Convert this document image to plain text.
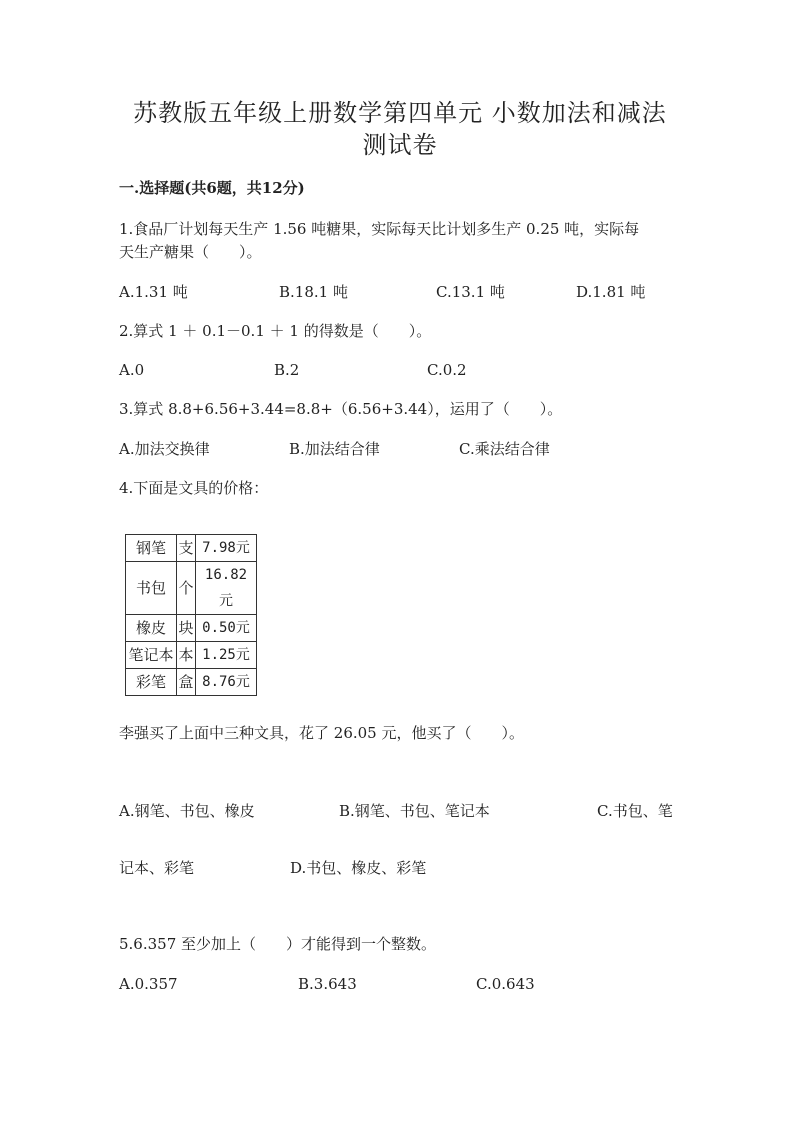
苏教版五年级上册数学第四单元 小数加法和减法
测试卷
一.选择题(共6题，共12分)
1.食品厂计划每天生产 1.56 吨糖果，实际每天比计划多生产 0.25 吨，实际每
天生产糖果（　　）。
A.1.31 吨	B.18.1 吨	C.13.1 吨	D.1.81 吨
2.算式 1 ＋ 0.1－0.1 ＋ 1 的得数是（　　）。
A.0	B.2	C.0.2
3.算式 8.8+6.56+3.44=8.8+（6.56+3.44），运用了（　　）。
A.加法交换律	B.加法结合律	C.乘法结合律
4.下面是文具的价格：
钢笔	支	7.98元
书包	个	16.82元
橡皮	块	0.50元
笔记本	本	1.25元
彩笔	盒	8.76元
李强买了上面中三种文具，花了 26.05 元，他买了（　　）。
A.钢笔、书包、橡皮	B.钢笔、书包、笔记本	C.书包、笔
记本、彩笔	D.书包、橡皮、彩笔
5.6.357 至少加上（　　）才能得到一个整数。
A.0.357	B.3.643	C.0.643
